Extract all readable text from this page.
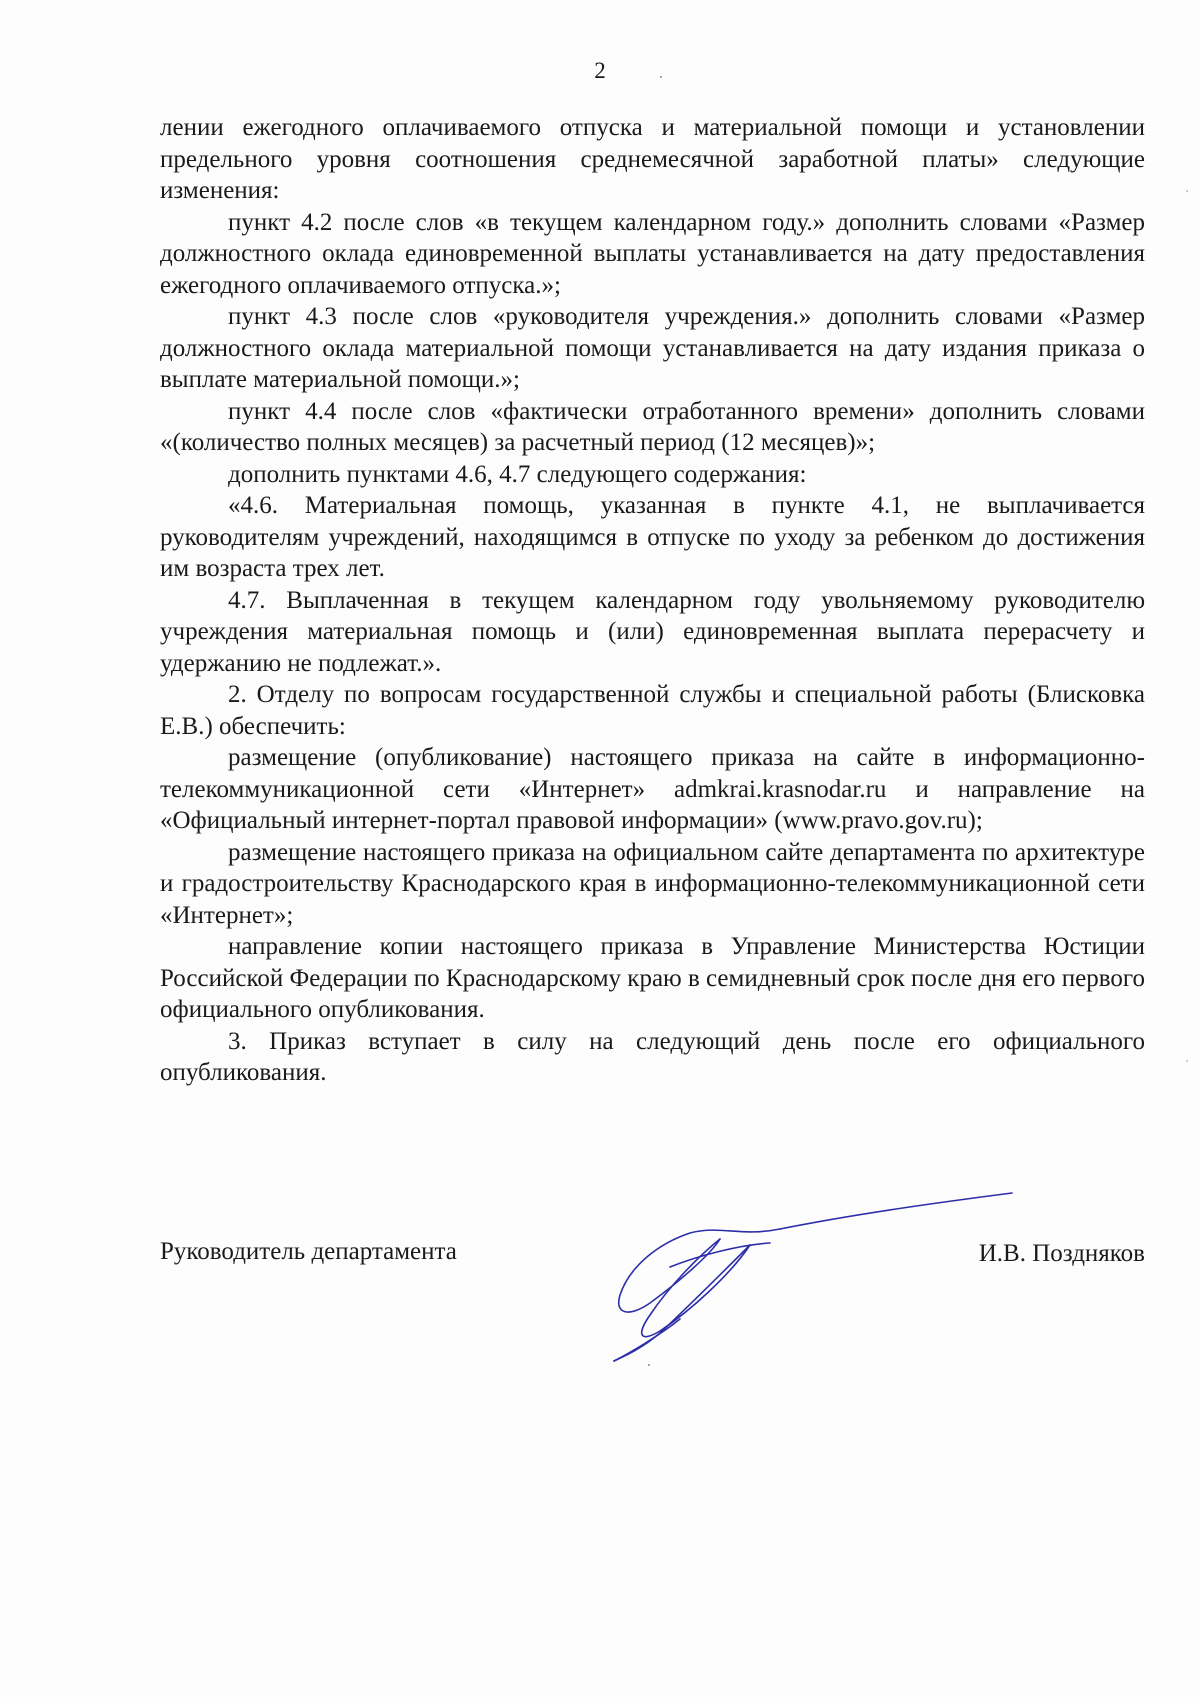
2

лении ежегодного оплачиваемого отпуска и материальной помощи и установлении предельного уровня соотношения среднемесячной заработной платы» следующие изменения:

пункт 4.2 после слов «в текущем календарном году.» дополнить словами «Размер должностного оклада единовременной выплаты устанавливается на дату предоставления ежегодного оплачиваемого отпуска.»;

пункт 4.3 после слов «руководителя учреждения.» дополнить словами «Размер должностного оклада материальной помощи устанавливается на дату издания приказа о выплате материальной помощи.»;

пункт 4.4 после слов «фактически отработанного времени» дополнить словами «(количество полных месяцев) за расчетный период (12 месяцев)»;

дополнить пунктами 4.6, 4.7 следующего содержания:

«4.6. Материальная помощь, указанная в пункте 4.1, не выплачивается руководителям учреждений, находящимся в отпуске по уходу за ребенком до достижения им возраста трех лет.

4.7. Выплаченная в текущем календарном году увольняемому руководителю учреждения материальная помощь и (или) единовременная выплата перерасчету и удержанию не подлежат.».

2. Отделу по вопросам государственной службы и специальной работы (Блисковка Е.В.) обеспечить:

размещение (опубликование) настоящего приказа на сайте в информационно-телекоммуникационной сети «Интернет» admkrai.krasnodar.ru и направление на «Официальный интернет-портал правовой информации» (www.pravo.gov.ru);

размещение настоящего приказа на официальном сайте департамента по архитектуре и градостроительству Краснодарского края в информационно-телекоммуникационной сети «Интернет»;

направление копии настоящего приказа в Управление Министерства Юстиции Российской Федерации по Краснодарскому краю в семидневный срок после дня его первого официального опубликования.

3. Приказ вступает в силу на следующий день после его официального опубликования.

Руководитель департамента	И.В. Поздняков
